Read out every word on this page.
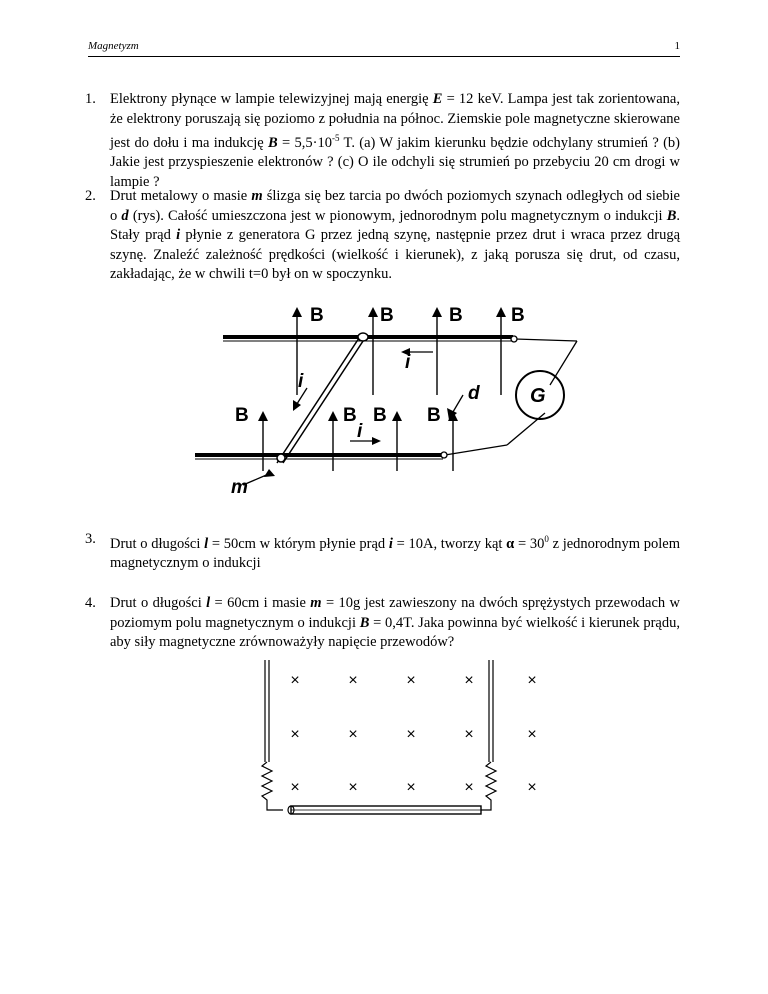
Magnetyzm	1
1. Elektrony płynące w lampie telewizyjnej mają energię E = 12 keV. Lampa jest tak zorientowana, że elektrony poruszają się poziomo z południa na północ. Ziemskie pole magnetyczne skierowane jest do dołu i ma indukcję $B = 5,5\cdot 10^{-5}$ T. (a) W jakim kierunku będzie odchylany strumień ? (b) Jakie jest przyspieszenie elektronów ? (c) O ile odchyli się strumień po przebyciu 20 cm drogi w lampie ?

2. Drut metalowy o masie m ślizga się bez tarcia po dwóch poziomych szynach odległych od siebie o d (rys). Całość umieszczona jest w pionowym, jednorodnym polu magnetycznym o indukcji B. Stały prąd i płynie z generatora G przez jedną szynę, następnie przez drut i wraca przez drugą szynę. Znaleźć zależność prędkości (wielkość i kierunek), z jaką porusza się drut, od czasu, zakładając, że w chwili t=0 był on w spoczynku.

B	B	B	B
B	B B B
G
i
i
i
d
m
3. Drut o długości l = 50cm w którym płynie prąd i = 10A, tworzy kąt $\alpha = 30^0$ z jednorodnym polem magnetycznym o indukcji

4. Drut o długości l = 60cm i masie m = 10g jest zawieszony na dwóch sprężystych przewodach w poziomym polu magnetycznym o indukcji B = 0,4T. Jaka powinna być wielkość i kierunek prądu, aby siły magnetyczne zrównoważyły napięcie przewodów?

×	×	×	×	×
×	×	×	×	×
×	×	×	×	×
